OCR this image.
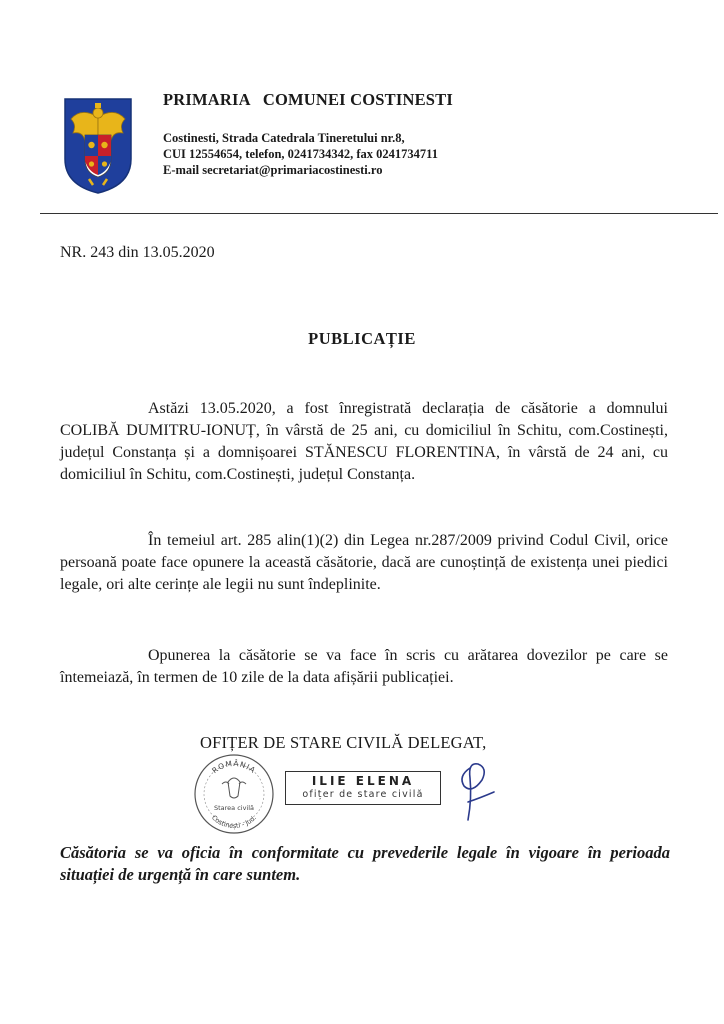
PRIMARIA   COMUNEI COSTINESTI
Costinesti, Strada Catedrala Tineretului nr.8,
CUI 12554654, telefon, 0241734342, fax 0241734711
E-mail secretariat@primariacostinesti.ro
NR. 243 din 13.05.2020
PUBLICAȚIE

Astăzi 13.05.2020, a fost înregistrată declarația de căsătorie a domnului COLIBĂ DUMITRU-IONUȚ, în vârstă de 25 ani, cu domiciliul în Schitu, com.Costinești, județul Constanța și a domnișoarei STĂNESCU FLORENTINA, în vârstă de 24 ani, cu domiciliul în Schitu, com.Costinești, județul Constanța.

În temeiul art. 285 alin(1)(2) din Legea nr.287/2009 privind Codul Civil, orice persoană poate face opunere la această căsătorie, dacă are cunoștință de existența unei piedici legale, ori alte cerințe ale legii nu sunt îndeplinite.

Opunerea la căsătorie se va face în scris cu arătarea dovezilor pe care se întemeiază, în termen de 10 zile de la data afișării publicației.

OFIȚER DE STARE CIVILĂ DELEGAT,
ROMÂNIA
Starea civilă
Costinești - Jud.
ILIE ELENA
ofițer de stare civilă
Căsătoria se va oficia în conformitate cu prevederile legale în vigoare în perioada situației de urgență în care suntem.
